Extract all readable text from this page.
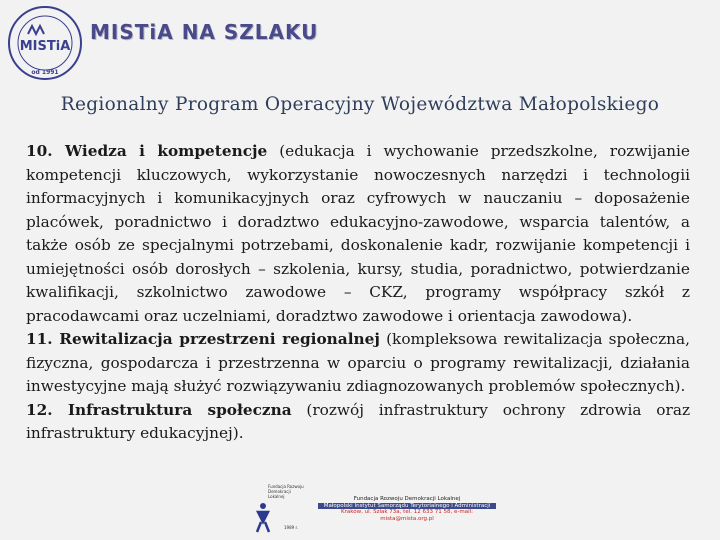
MISTiA
od 1991
MISTiA NA SZLAKU
Regionalny Program Operacyjny Województwa Małopolskiego

10. Wiedza i kompetencje (edukacja i wychowanie przedszkolne, rozwijanie kompetencji kluczowych, wykorzystanie nowoczesnych narzędzi i technologii informacyjnych i komunikacyjnych oraz cyfrowych w nauczaniu – doposażenie placówek, poradnictwo i doradztwo edukacyjno-zawodowe, wsparcia talentów, a także osób ze specjalnymi potrzebami, doskonalenie kadr, rozwijanie kompetencji i umiejętności osób dorosłych – szkolenia, kursy, studia, poradnictwo, potwierdzanie kwalifikacji, szkolnictwo zawodowe – CKZ, programy współpracy szkół z pracodawcami oraz uczelniami, doradztwo zawodowe i orientacja zawodowa).

11. Rewitalizacja przestrzeni regionalnej (kompleksowa rewitalizacja społeczna, fizyczna, gospodarcza i przestrzenna w oparciu o programy rewitalizacji, działania inwestycyjne mają służyć rozwiązywaniu zdiagnozowanych problemów społecznych).

12. Infrastruktura społeczna (rozwój infrastruktury ochrony zdrowia oraz infrastruktury edukacyjnej).

Fundacja Rozwoju Demokracji Lokalnej
1989 r.
Fundacja Rozwoju Demokracji Lokalnej
Małopolski Instytut Samorządu Terytorialnego i Administracji
Kraków, ul. Szlak 73a, tel. 12 633 71 58, e-mail: mista@mista.org.pl
